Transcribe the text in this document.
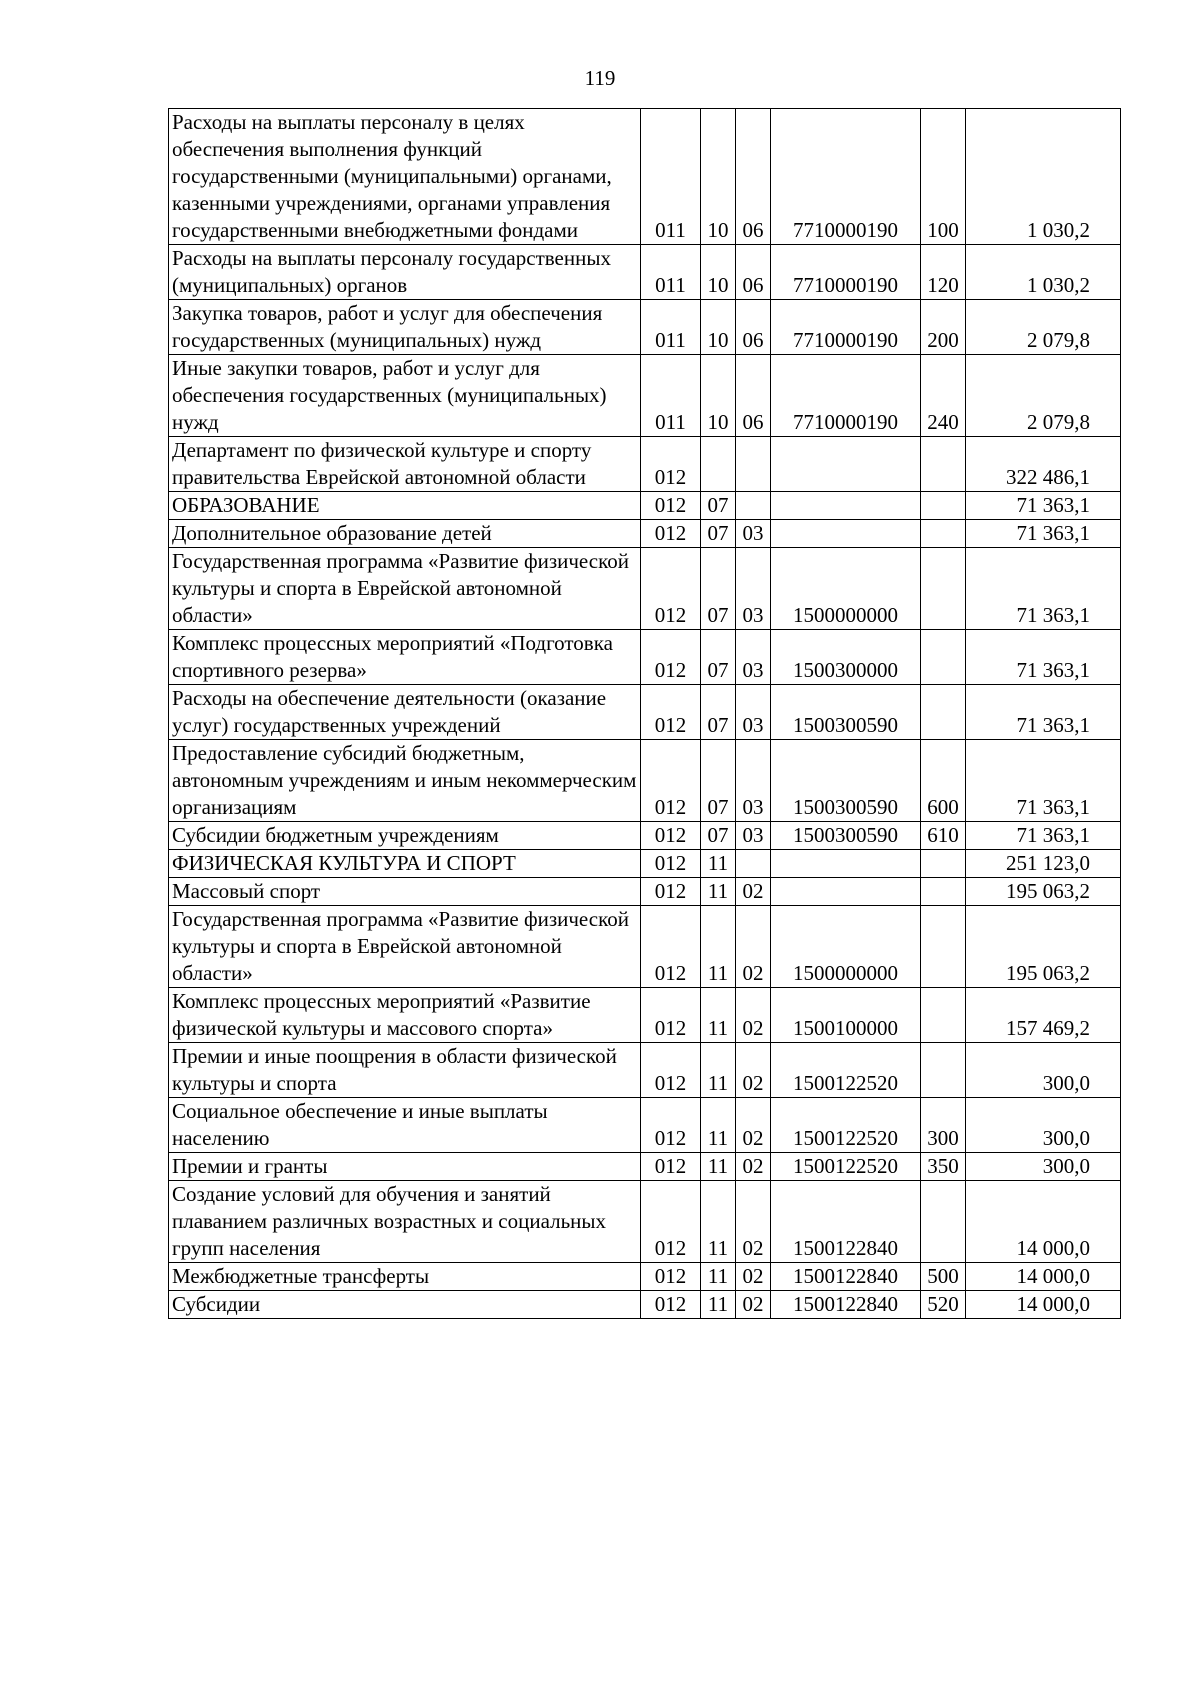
119
Расходы на выплаты персоналу в целях обеспечения выполнения функций государственными (муниципальными) органами, казенными учреждениями, органами управления государственными внебюджетными фондами	011	10	06	7710000190	100	1 030,2
Расходы на выплаты персоналу государственных (муниципальных) органов	011	10	06	7710000190	120	1 030,2
Закупка товаров, работ и услуг для обеспечения государственных (муниципальных) нужд	011	10	06	7710000190	200	2 079,8
Иные закупки товаров, работ и услуг для обеспечения государственных (муниципальных) нужд	011	10	06	7710000190	240	2 079,8
Департамент по физической культуре и спорту правительства Еврейской автономной области	012					322 486,1
ОБРАЗОВАНИЕ	012	07				71 363,1
Дополнительное образование детей	012	07	03			71 363,1
Государственная программа «Развитие физической культуры и спорта в Еврейской автономной области»	012	07	03	1500000000		71 363,1
Комплекс процессных мероприятий «Подготовка спортивного резерва»	012	07	03	1500300000		71 363,1
Расходы на обеспечение деятельности (оказание услуг) государственных учреждений	012	07	03	1500300590		71 363,1
Предоставление субсидий бюджетным, автономным учреждениям и иным некоммерческим организациям	012	07	03	1500300590	600	71 363,1
Субсидии бюджетным учреждениям	012	07	03	1500300590	610	71 363,1
ФИЗИЧЕСКАЯ КУЛЬТУРА И СПОРТ	012	11				251 123,0
Массовый спорт	012	11	02			195 063,2
Государственная программа «Развитие физической культуры и спорта в Еврейской автономной области»	012	11	02	1500000000		195 063,2
Комплекс процессных мероприятий «Развитие физической культуры и массового спорта»	012	11	02	1500100000		157 469,2
Премии и иные поощрения в области физической культуры и спорта	012	11	02	1500122520		300,0
Социальное обеспечение и иные выплаты населению	012	11	02	1500122520	300	300,0
Премии и гранты	012	11	02	1500122520	350	300,0
Создание условий для обучения и занятий плаванием различных возрастных и социальных групп населения	012	11	02	1500122840		14 000,0
Межбюджетные трансферты	012	11	02	1500122840	500	14 000,0
Субсидии	012	11	02	1500122840	520	14 000,0
